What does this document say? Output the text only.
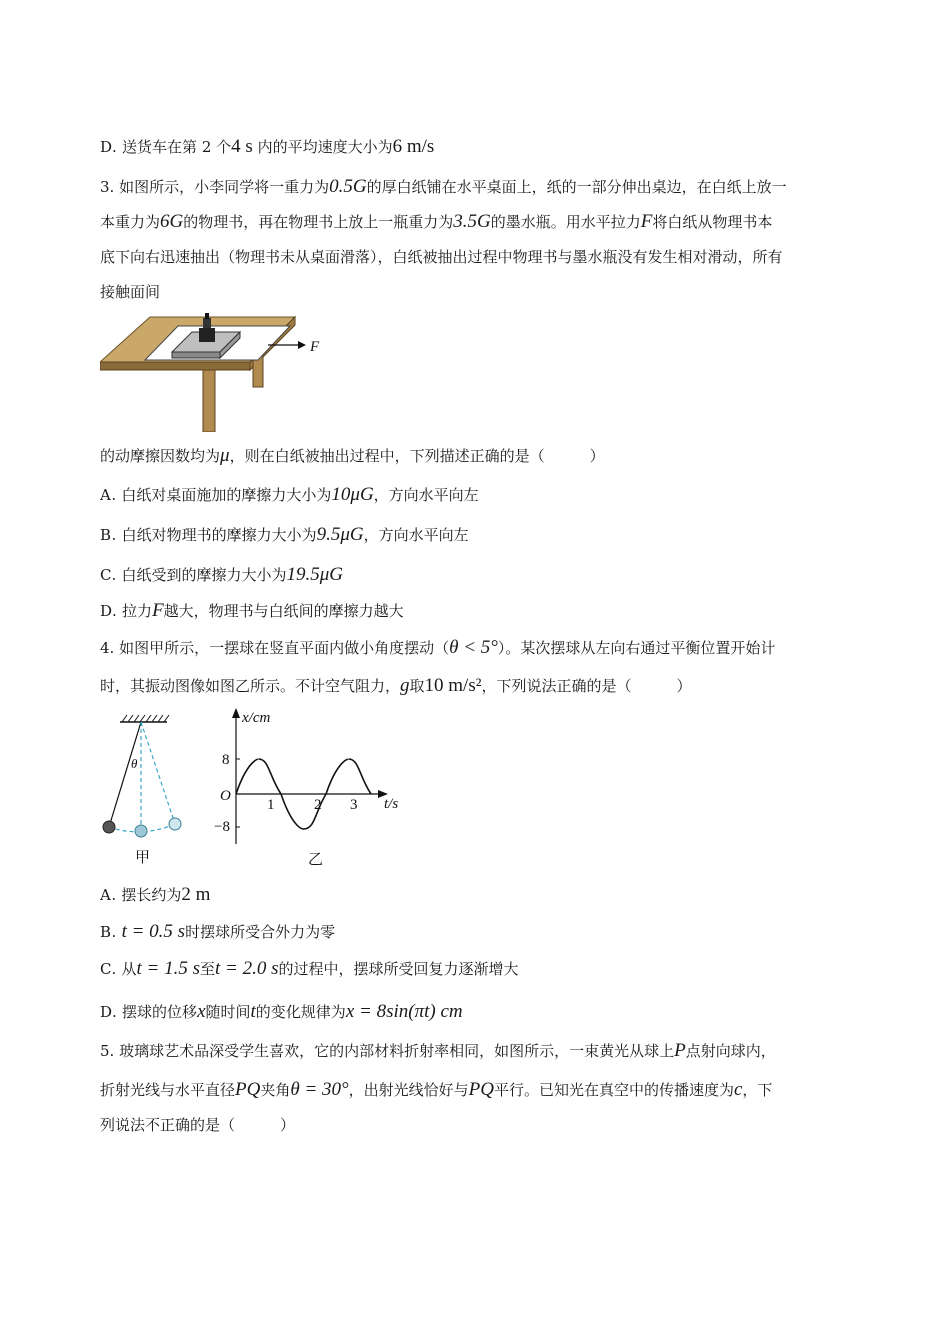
D. 送货车在第 2 个4 s 内的平均速度大小为6 m/s
3. 如图所示，小李同学将一重力为0.5G的厚白纸铺在水平桌面上，纸的一部分伸出桌边，在白纸上放一
本重力为6G的物理书，再在物理书上放上一瓶重力为3.5G的墨水瓶。用水平拉力F将白纸从物理书本
底下向右迅速抽出（物理书未从桌面滑落），白纸被抽出过程中物理书与墨水瓶没有发生相对滑动，所有
接触面间
F
的动摩擦因数均为μ，则在白纸被抽出过程中，下列描述正确的是（　　　）
A. 白纸对桌面施加的摩擦力大小为10μG，方向水平向左
B. 白纸对物理书的摩擦力大小为9.5μG，方向水平向左
C. 白纸受到的摩擦力大小为19.5μG
D. 拉力F越大，物理书与白纸间的摩擦力越大
4. 如图甲所示，一摆球在竖直平面内做小角度摆动（θ < 5°）。某次摆球从左向右通过平衡位置开始计
时，其振动图像如图乙所示。不计空气阻力，g取10 m/s²，下列说法正确的是（　　　）
θ
甲
x/cm
t/s
O
8
−8
1	2 3
乙
A. 摆长约为2 m
B. t = 0.5 s时摆球所受合外力为零
C. 从t = 1.5 s至t = 2.0 s的过程中，摆球所受回复力逐渐增大
D. 摆球的位移x随时间t的变化规律为x = 8sin(πt) cm
5. 玻璃球艺术品深受学生喜欢，它的内部材料折射率相同，如图所示，一束黄光从球上P点射向球内，
折射光线与水平直径PQ夹角θ = 30°，出射光线恰好与PQ平行。已知光在真空中的传播速度为c，下
列说法不正确的是（　　　）
